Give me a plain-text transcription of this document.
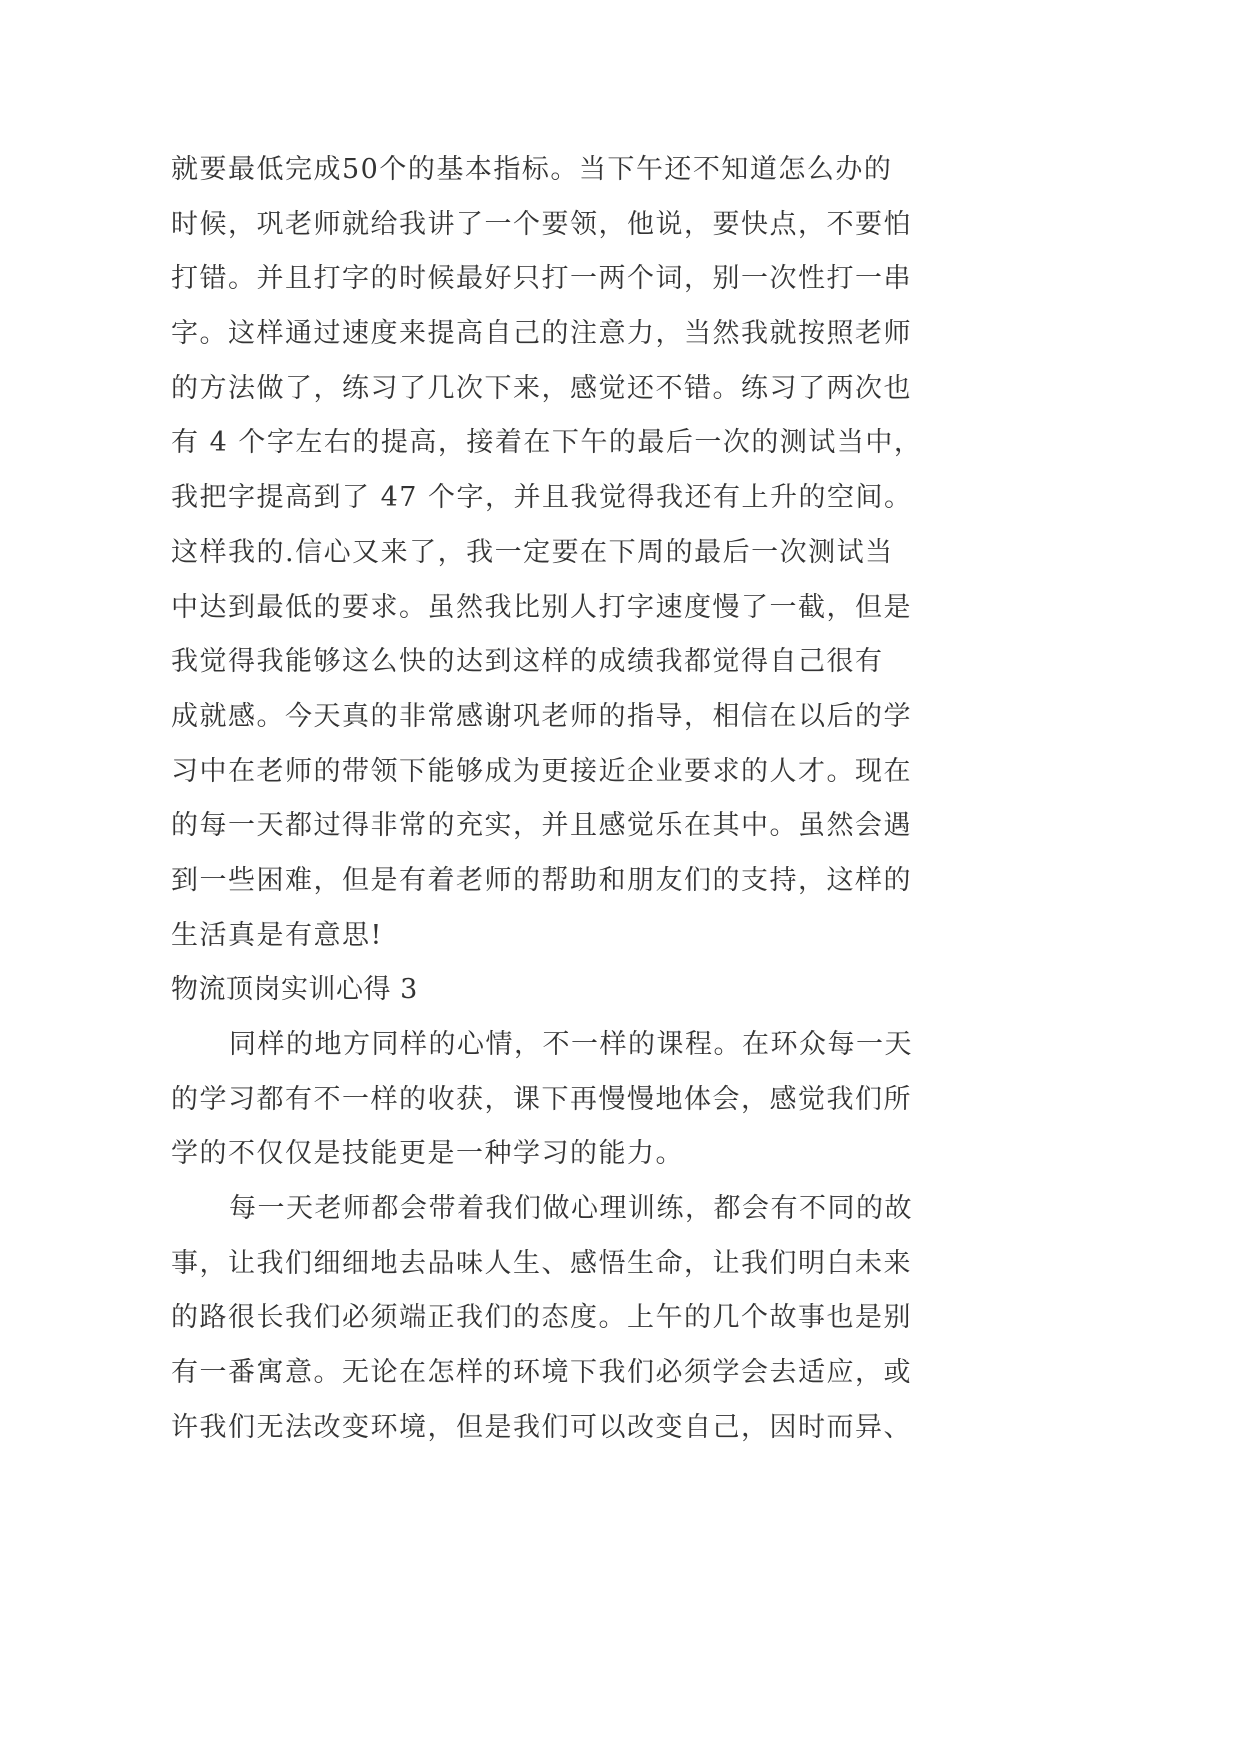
就要最低完成50个的基本指标。当下午还不知道怎么办的
时候，巩老师就给我讲了一个要领，他说，要快点，不要怕
打错。并且打字的时候最好只打一两个词，别一次性打一串
字。这样通过速度来提高自己的注意力，当然我就按照老师
的方法做了，练习了几次下来，感觉还不错。练习了两次也
有 4 个字左右的提高，接着在下午的最后一次的测试当中，
我把字提高到了 47 个字，并且我觉得我还有上升的空间。
这样我的.信心又来了，我一定要在下周的最后一次测试当
中达到最低的要求。虽然我比别人打字速度慢了一截，但是
我觉得我能够这么快的达到这样的成绩我都觉得自己很有
成就感。今天真的非常感谢巩老师的指导，相信在以后的学
习中在老师的带领下能够成为更接近企业要求的人才。现在
的每一天都过得非常的充实，并且感觉乐在其中。虽然会遇
到一些困难，但是有着老师的帮助和朋友们的支持，这样的
生活真是有意思!
物流顶岗实训心得 3
同样的地方同样的心情，不一样的课程。在环众每一天
的学习都有不一样的收获，课下再慢慢地体会，感觉我们所
学的不仅仅是技能更是一种学习的能力。
每一天老师都会带着我们做心理训练，都会有不同的故
事，让我们细细地去品味人生、感悟生命，让我们明白未来
的路很长我们必须端正我们的态度。上午的几个故事也是别
有一番寓意。无论在怎样的环境下我们必须学会去适应，或
许我们无法改变环境，但是我们可以改变自己，因时而异、
